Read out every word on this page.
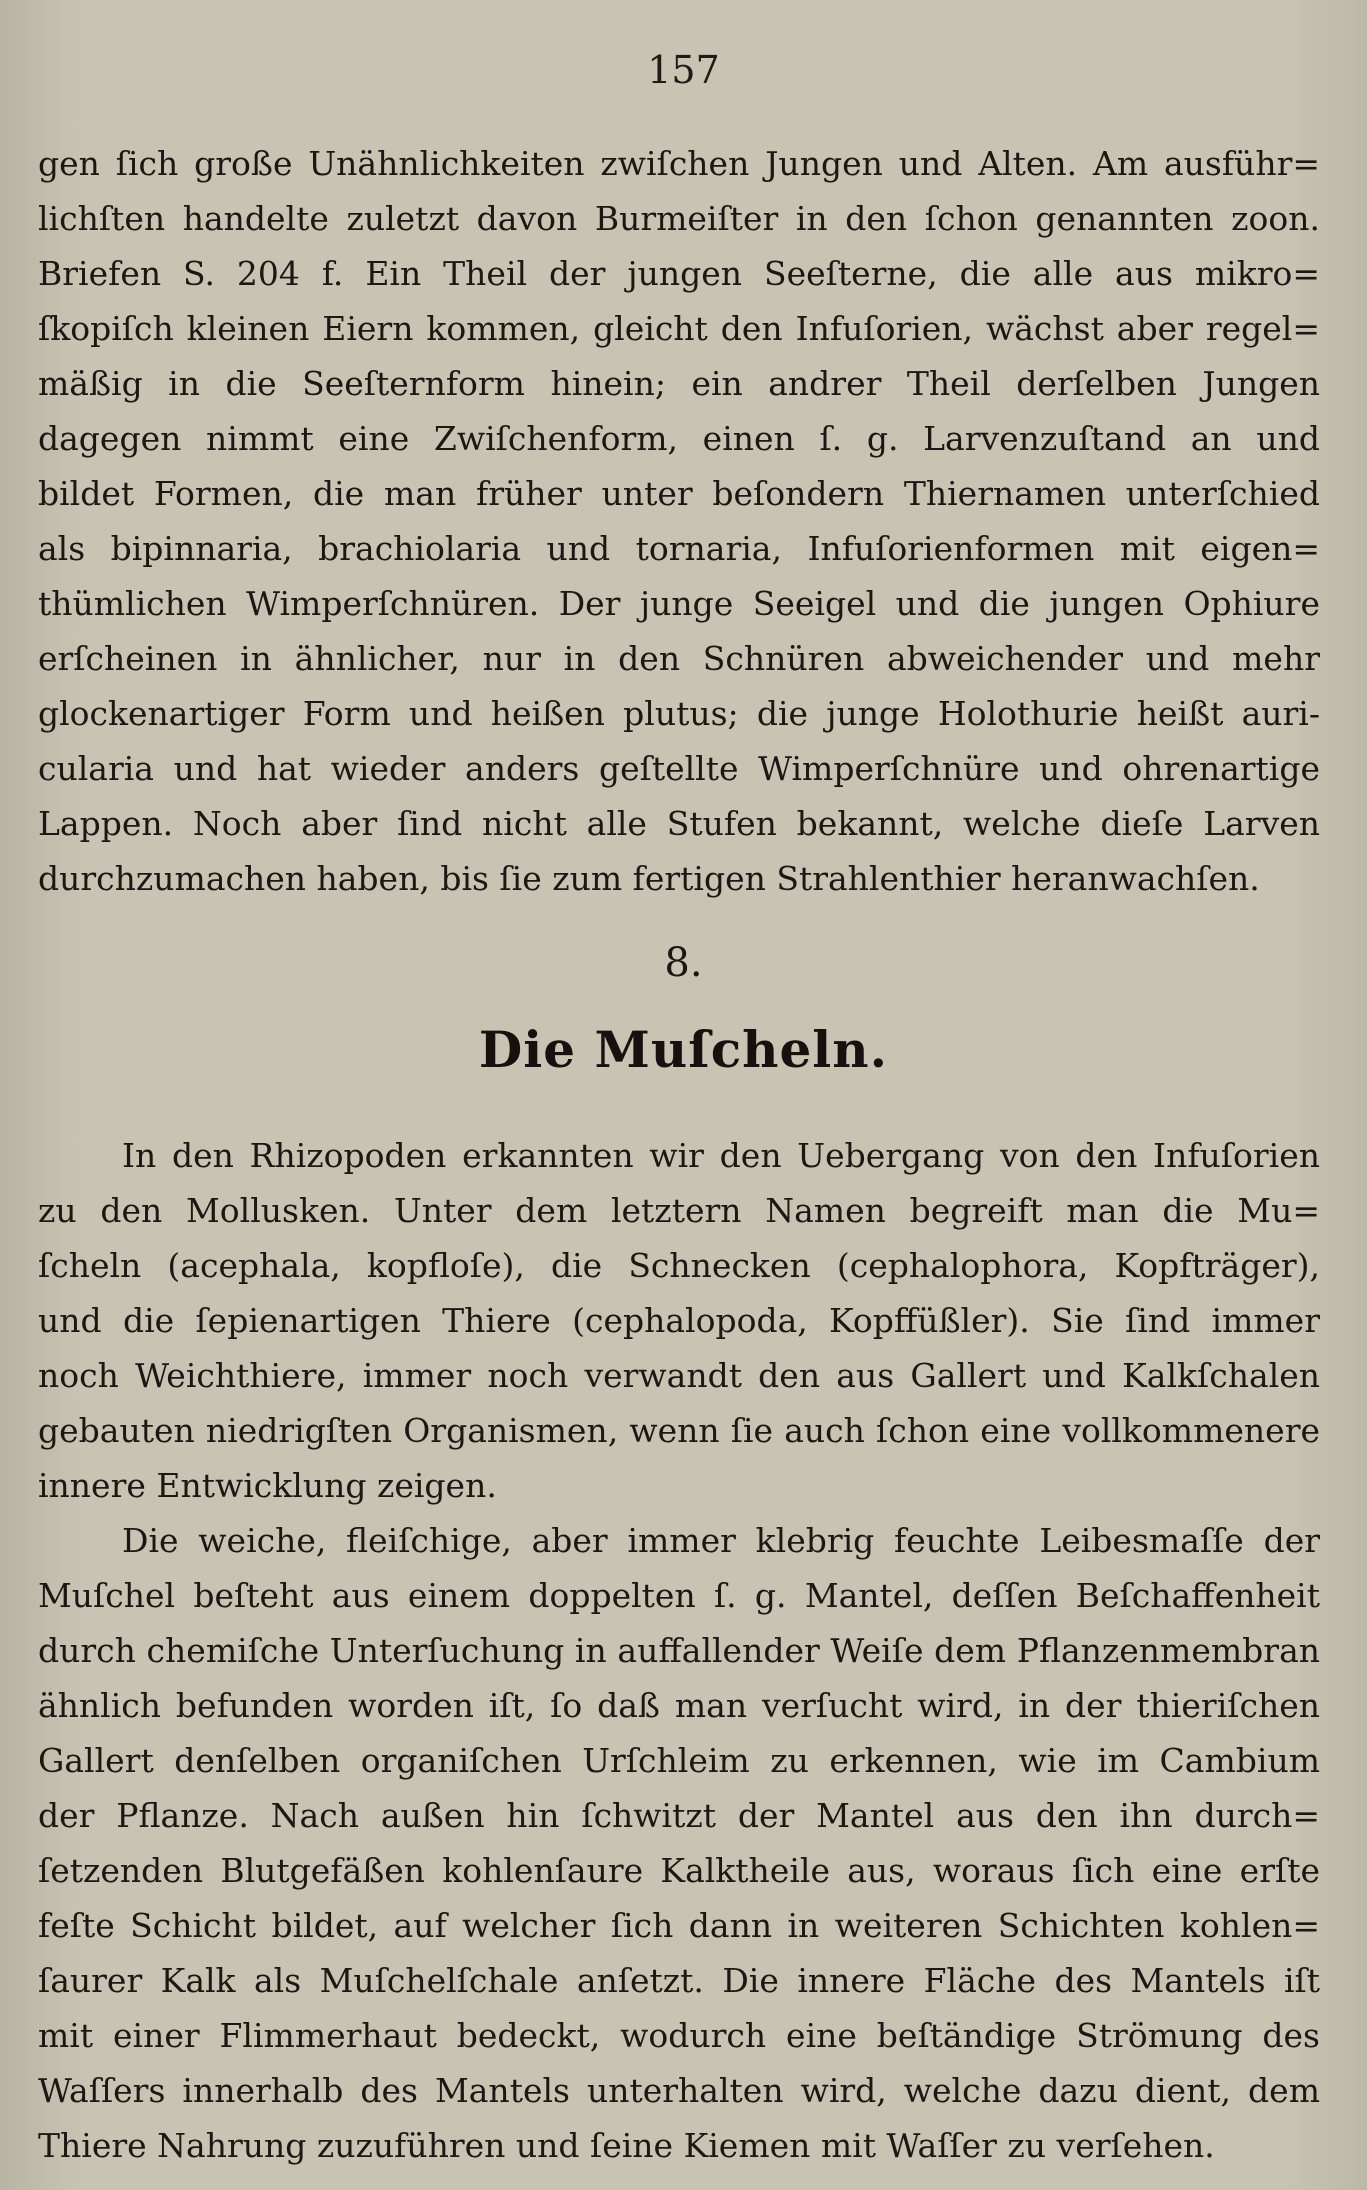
157
gen ſich große Unähnlichkeiten zwiſchen Jungen und Alten. Am ausführ=
lichſten handelte zuletzt davon Burmeiſter in den ſchon genannten zoon.
Briefen S. 204 f. Ein Theil der jungen Seeſterne, die alle aus mikro=
ſkopiſch kleinen Eiern kommen, gleicht den Infuſorien, wächst aber regel=
mäßig in die Seeſternform hinein; ein andrer Theil derſelben Jungen
dagegen nimmt eine Zwiſchenform, einen ſ. g. Larvenzuſtand an und
bildet Formen, die man früher unter beſondern Thiernamen unterſchied
als bipinnaria, brachiolaria und tornaria, Infuſorienformen mit eigen=
thümlichen Wimperſchnüren. Der junge Seeigel und die jungen Ophiure
erſcheinen in ähnlicher, nur in den Schnüren abweichender und mehr
glockenartiger Form und heißen plutus; die junge Holothurie heißt auri-
cularia und hat wieder anders geſtellte Wimperſchnüre und ohrenartige
Lappen. Noch aber ſind nicht alle Stufen bekannt, welche dieſe Larven
durchzumachen haben, bis ſie zum fertigen Strahlenthier heranwachſen.
8.
Die Muſcheln.
In den Rhizopoden erkannten wir den Uebergang von den Infuſorien
zu den Mollusken. Unter dem letztern Namen begreift man die Mu=
ſcheln (acephala, kopfloſe), die Schnecken (cephalophora, Kopfträger),
und die ſepienartigen Thiere (cephalopoda, Kopffüßler). Sie ſind immer
noch Weichthiere, immer noch verwandt den aus Gallert und Kalkſchalen
gebauten niedrigſten Organismen, wenn ſie auch ſchon eine vollkommenere
innere Entwicklung zeigen.
Die weiche, fleiſchige, aber immer klebrig feuchte Leibesmaſſe der
Muſchel beſteht aus einem doppelten ſ. g. Mantel, deſſen Beſchaffenheit
durch chemiſche Unterſuchung in auffallender Weiſe dem Pflanzenmembran
ähnlich befunden worden iſt, ſo daß man verſucht wird, in der thieriſchen
Gallert denſelben organiſchen Urſchleim zu erkennen, wie im Cambium
der Pflanze. Nach außen hin ſchwitzt der Mantel aus den ihn durch=
ſetzenden Blutgefäßen kohlenſaure Kalktheile aus, woraus ſich eine erſte
feſte Schicht bildet, auf welcher ſich dann in weiteren Schichten kohlen=
ſaurer Kalk als Muſchelſchale anſetzt. Die innere Fläche des Mantels iſt
mit einer Flimmerhaut bedeckt, wodurch eine beſtändige Strömung des
Waſſers innerhalb des Mantels unterhalten wird, welche dazu dient, dem
Thiere Nahrung zuzuführen und ſeine Kiemen mit Waſſer zu verſehen.
